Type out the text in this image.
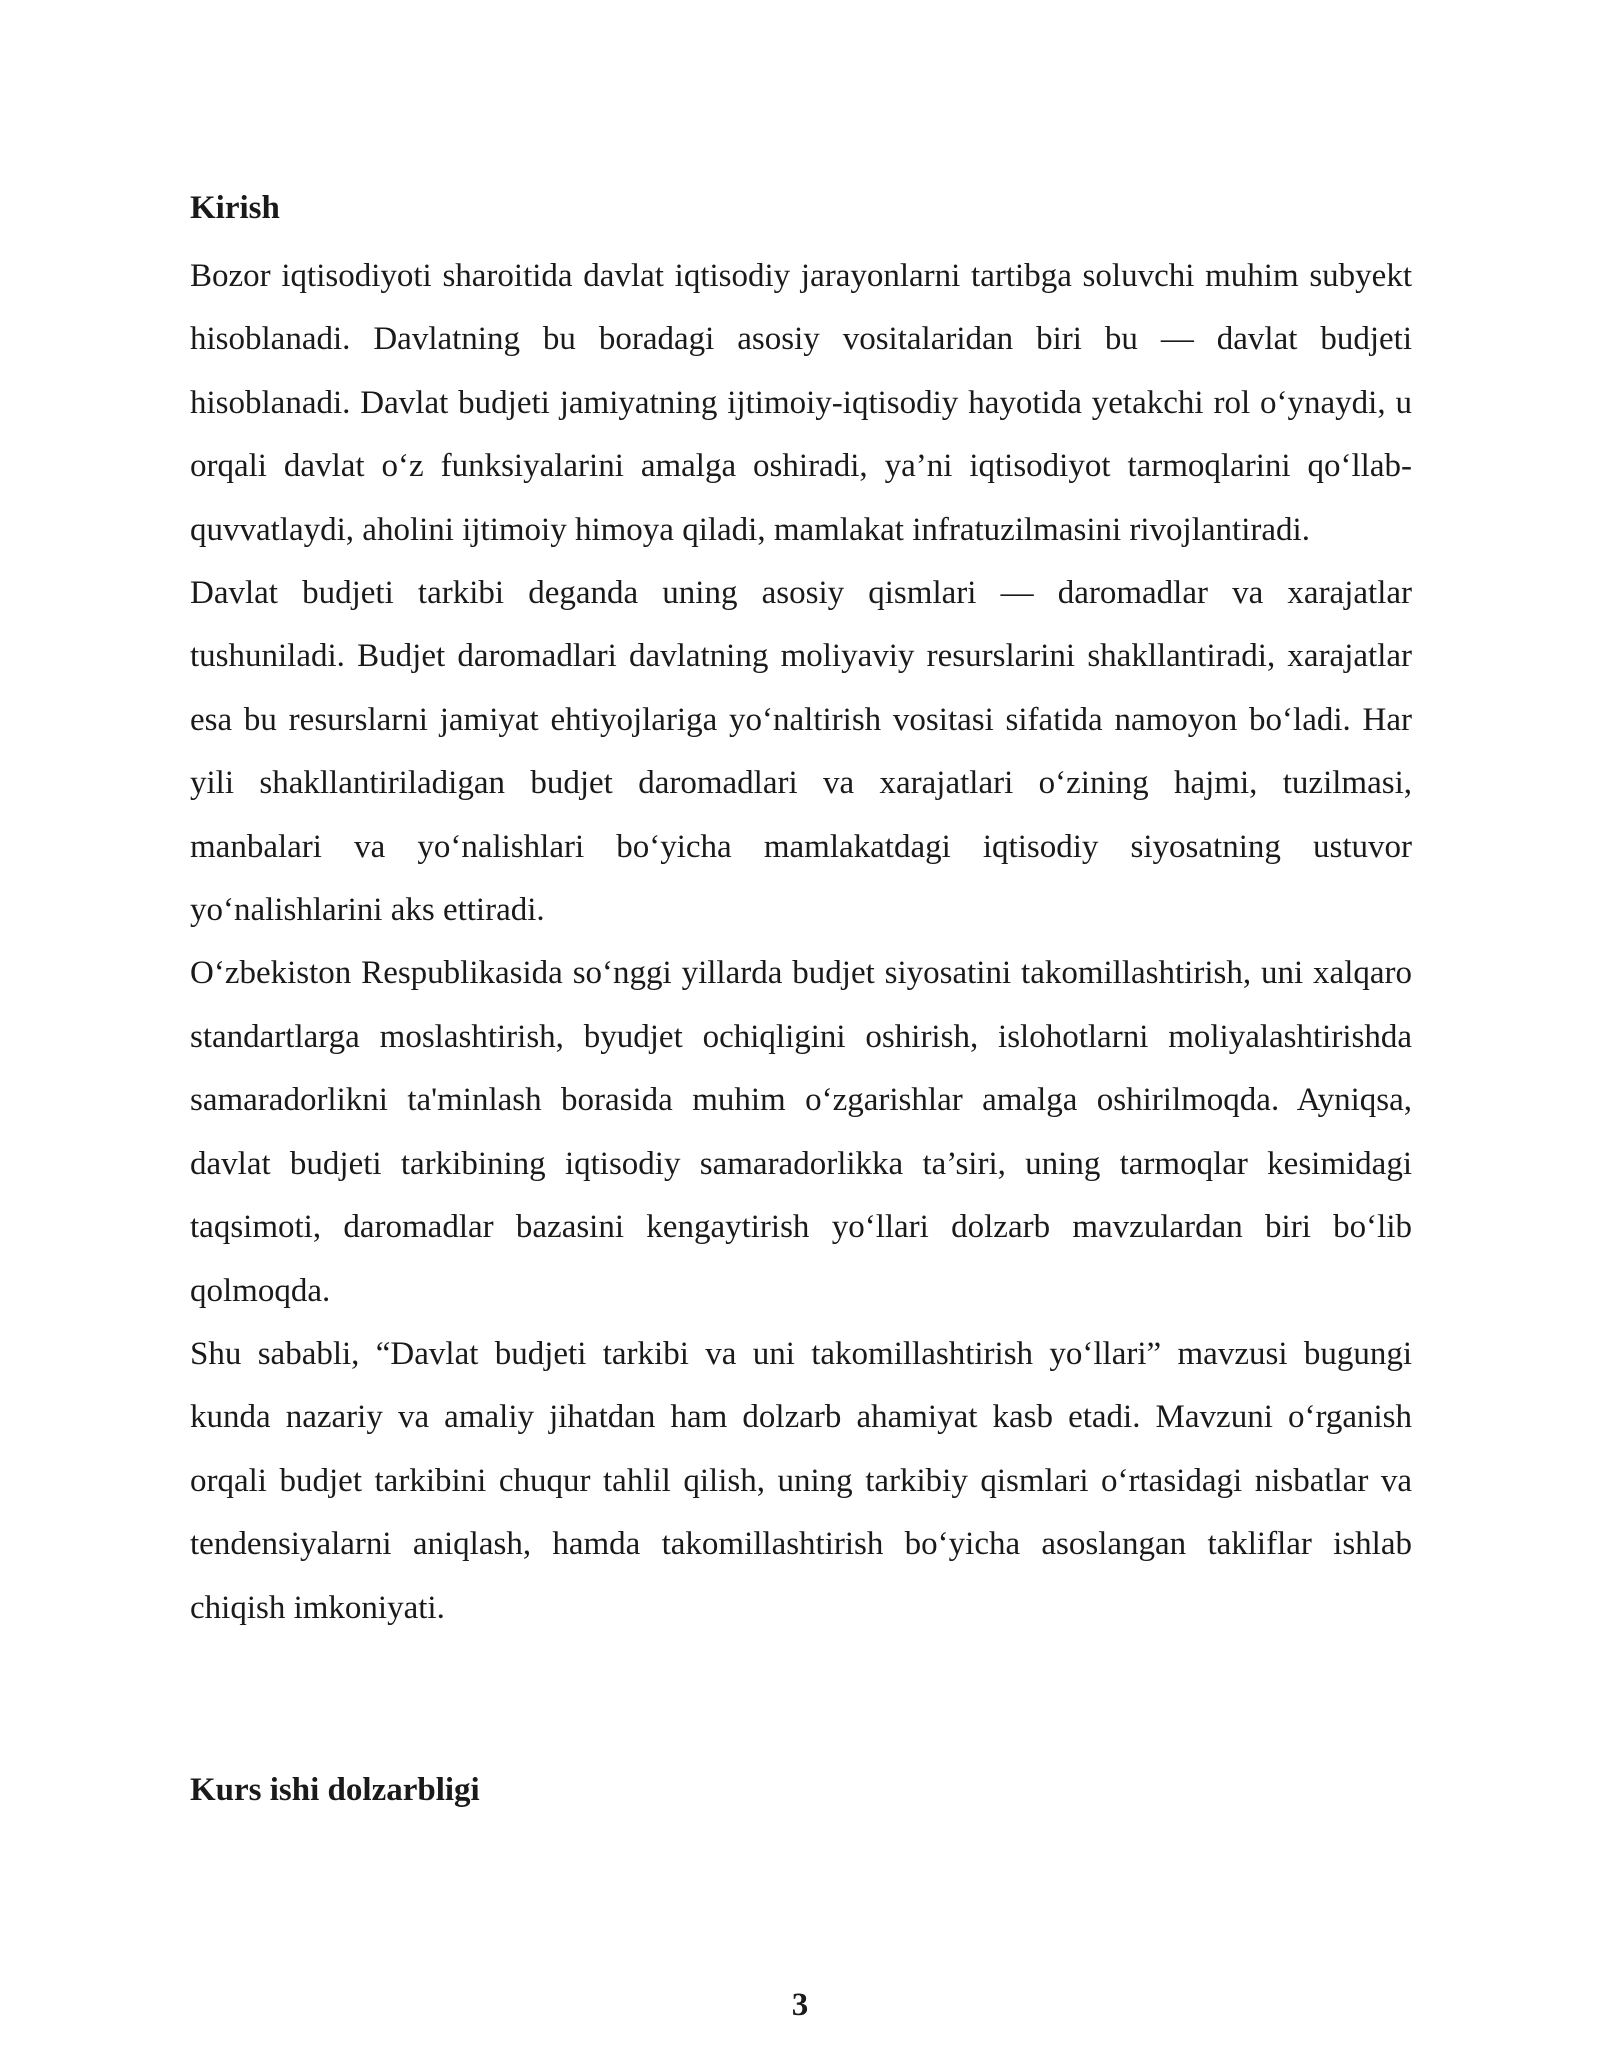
Kirish

Bozor iqtisodiyoti sharoitida davlat iqtisodiy jarayonlarni tartibga soluvchi muhim subyekt hisoblanadi. Davlatning bu boradagi asosiy vositalaridan biri bu — davlat budjeti hisoblanadi. Davlat budjeti jamiyatning ijtimoiy-iqtisodiy hayotida yetakchi rol o‘ynaydi, u orqali davlat o‘z funksiyalarini amalga oshiradi, ya’ni iqtisodiyot tarmoqlarini qo‘llab-quvvatlaydi, aholini ijtimoiy himoya qiladi, mamlakat infratuzilmasini rivojlantiradi.

Davlat budjeti tarkibi deganda uning asosiy qismlari — daromadlar va xarajatlar tushuniladi. Budjet daromadlari davlatning moliyaviy resurslarini shakllantiradi, xarajatlar esa bu resurslarni jamiyat ehtiyojlariga yo‘naltirish vositasi sifatida namoyon bo‘ladi. Har yili shakllantiriladigan budjet daromadlari va xarajatlari o‘zining hajmi, tuzilmasi, manbalari va yo‘nalishlari bo‘yicha mamlakatdagi iqtisodiy siyosatning ustuvor yo‘nalishlarini aks ettiradi.

O‘zbekiston Respublikasida so‘nggi yillarda budjet siyosatini takomillashtirish, uni xalqaro standartlarga moslashtirish, byudjet ochiqligini oshirish, islohotlarni moliyalashtirishda samaradorlikni ta'minlash borasida muhim o‘zgarishlar amalga oshirilmoqda. Ayniqsa, davlat budjeti tarkibining iqtisodiy samaradorlikka ta’siri, uning tarmoqlar kesimidagi taqsimoti, daromadlar bazasini kengaytirish yo‘llari dolzarb mavzulardan biri bo‘lib qolmoqda.

Shu sababli, “Davlat budjeti tarkibi va uni takomillashtirish yo‘llari” mavzusi bugungi kunda nazariy va amaliy jihatdan ham dolzarb ahamiyat kasb etadi. Mavzuni o‘rganish orqali budjet tarkibini chuqur tahlil qilish, uning tarkibiy qismlari o‘rtasidagi nisbatlar va tendensiyalarni aniqlash, hamda takomillashtirish bo‘yicha asoslangan takliflar ishlab chiqish imkoniyati.

Kurs ishi dolzarbligi
3
